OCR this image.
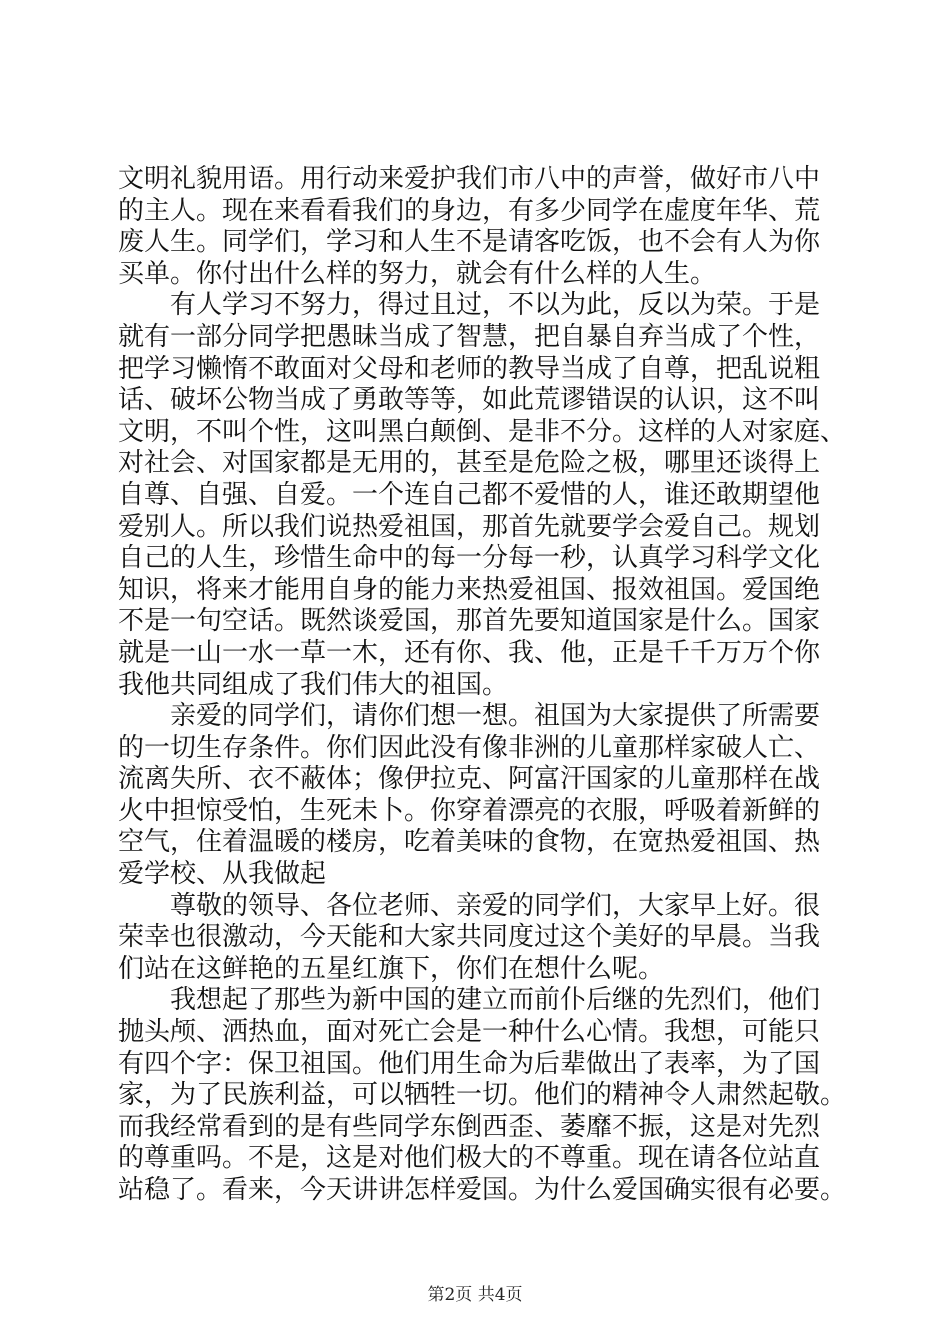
文明礼貌用语。用行动来爱护我们市八中的声誉，做好市八中
的主人。现在来看看我们的身边，有多少同学在虚度年华、荒
废人生。同学们，学习和人生不是请客吃饭，也不会有人为你
买单。你付出什么样的努力，就会有什么样的人生。
　　有人学习不努力，得过且过，不以为此，反以为荣。于是
就有一部分同学把愚昧当成了智慧，把自暴自弃当成了个性，
把学习懒惰不敢面对父母和老师的教导当成了自尊，把乱说粗
话、破坏公物当成了勇敢等等，如此荒谬错误的认识，这不叫
文明，不叫个性，这叫黑白颠倒、是非不分。这样的人对家庭、
对社会、对国家都是无用的，甚至是危险之极，哪里还谈得上
自尊、自强、自爱。一个连自己都不爱惜的人，谁还敢期望他
爱别人。所以我们说热爱祖国，那首先就要学会爱自己。规划
自己的人生，珍惜生命中的每一分每一秒，认真学习科学文化
知识，将来才能用自身的能力来热爱祖国、报效祖国。爱国绝
不是一句空话。既然谈爱国，那首先要知道国家是什么。国家
就是一山一水一草一木，还有你、我、他，正是千千万万个你
我他共同组成了我们伟大的祖国。
　　亲爱的同学们，请你们想一想。祖国为大家提供了所需要
的一切生存条件。你们因此没有像非洲的儿童那样家破人亡、
流离失所、衣不蔽体；像伊拉克、阿富汗国家的儿童那样在战
火中担惊受怕，生死未卜。你穿着漂亮的衣服，呼吸着新鲜的
空气，住着温暖的楼房，吃着美味的食物，在宽热爱祖国、热
爱学校、从我做起
　　尊敬的领导、各位老师、亲爱的同学们，大家早上好。很
荣幸也很激动，今天能和大家共同度过这个美好的早晨。当我
们站在这鲜艳的五星红旗下，你们在想什么呢。
　　我想起了那些为新中国的建立而前仆后继的先烈们，他们
抛头颅、洒热血，面对死亡会是一种什么心情。我想，可能只
有四个字：保卫祖国。他们用生命为后辈做出了表率，为了国
家，为了民族利益，可以牺牲一切。他们的精神令人肃然起敬。
而我经常看到的是有些同学东倒西歪、萎靡不振，这是对先烈
的尊重吗。不是，这是对他们极大的不尊重。现在请各位站直
站稳了。看来，今天讲讲怎样爱国。为什么爱国确实很有必要。
第2页 共4页
